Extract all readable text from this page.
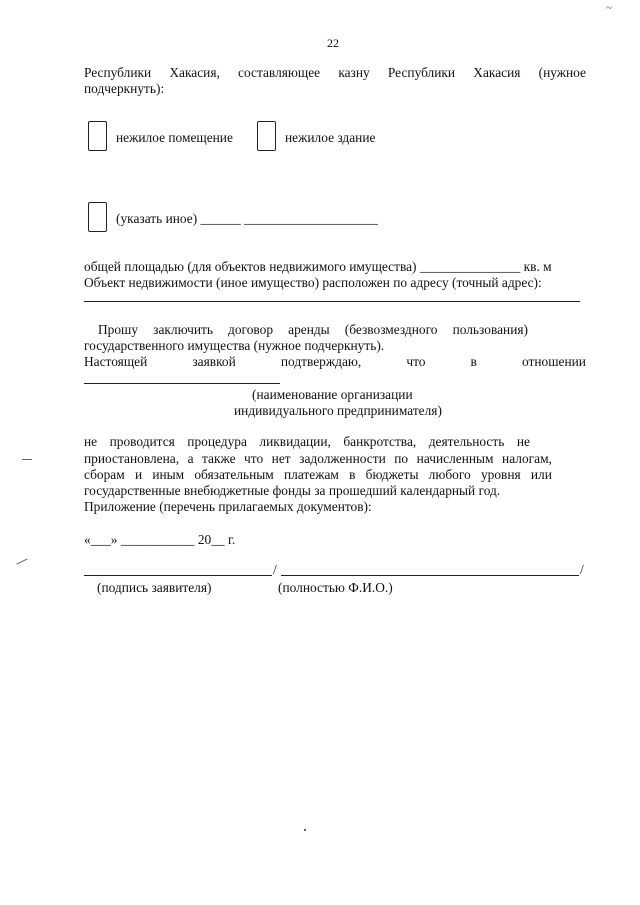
22
~
Республики Хакасия, составляющее казну Республики Хакасия (нужное
подчеркнуть):
нежилое помещение	нежилое здание
(указать иное) ______ ____________________
общей площадью (для объектов недвижимого имущества) _______________ кв. м
Объект недвижимости (иное имущество) расположен по адресу (точный адрес):
Прошу заключить договор аренды (безвозмездного пользования)
государственного имущества (нужное подчеркнуть).
Настоящей	заявкой	подтверждаю,	что	в	отношении
(наименование организации
индивидуального предпринимателя)
не проводится процедура ликвидации, банкротства, деятельность не
приостановлена, а также что нет задолженности по начисленным налогам,
сборам и иным обязательным платежам в бюджеты любого уровня или
государственные внебюджетные фонды за прошедший календарный год.
Приложение (перечень прилагаемых документов):
«___» ___________ 20__ г.
/	/
(подпись заявителя)	(полностью Ф.И.О.)
